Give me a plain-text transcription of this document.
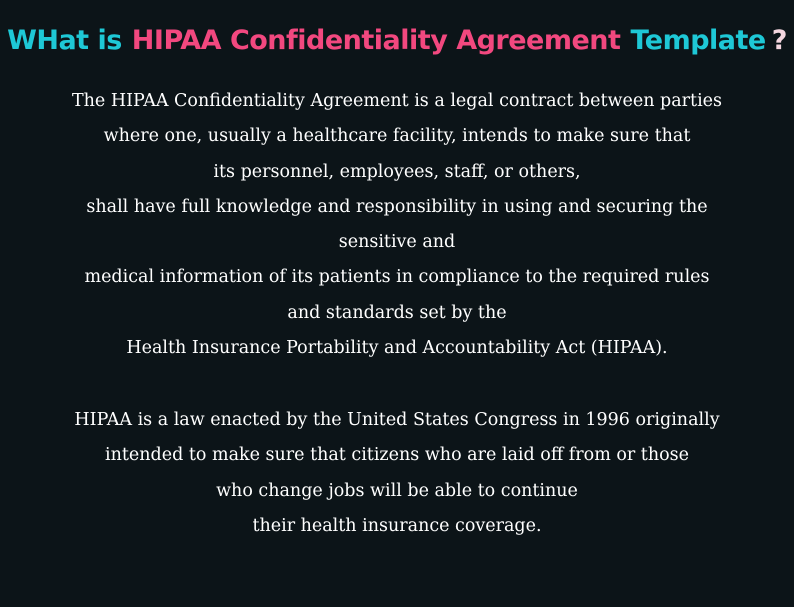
WHat is HIPAA Confidentiality Agreement Template ?

The HIPAA Confidentiality Agreement is a legal contract between parties
where one, usually a healthcare facility, intends to make sure that
its personnel, employees, staff, or others,
shall have full knowledge and responsibility in using and securing the
sensitive and
medical information of its patients in compliance to the required rules
and standards set by the
Health Insurance Portability and Accountability Act (HIPAA).

HIPAA is a law enacted by the United States Congress in 1996 originally
intended to make sure that citizens who are laid off from or those
who change jobs will be able to continue
their health insurance coverage.
